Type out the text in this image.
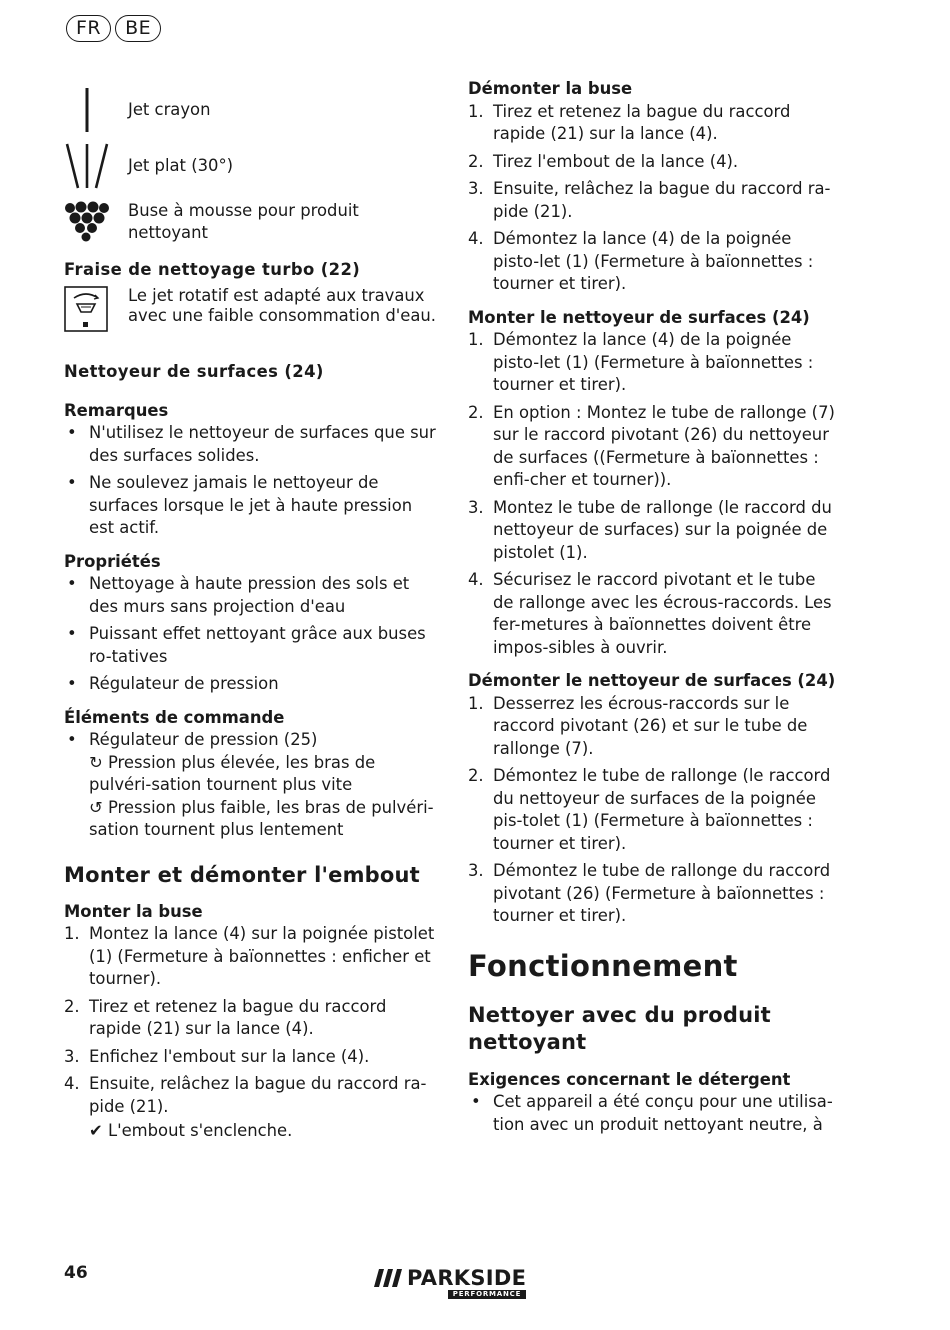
FR	BE
Jet crayon
Jet plat (30°)
Buse à mousse pour produit nettoyant

Fraise de nettoyage turbo (22)

Le jet rotatif est adapté aux travaux

avec une faible consommation d'eau.

Nettoyeur de surfaces (24)

Remarques

• N'utilisez le nettoyeur de surfaces que sur des surfaces solides.
• Ne soulevez jamais le nettoyeur de surfaces lorsque le jet à haute pression est actif.

Propriétés

• Nettoyage à haute pression des sols et des murs sans projection d'eau
• Puissant effet nettoyant grâce aux buses ro-tatives
• Régulateur de pression

Éléments de commande

• Régulateur de pression (25)
↻ Pression plus élevée, les bras de pulvéri-sation tournent plus vite
↺ Pression plus faible, les bras de pulvéri-sation tournent plus lentement

Monter et démonter l'embout

Monter la buse

1. Montez la lance (4) sur la poignée pistolet (1) (Fermeture à baïonnettes : enficher et tourner).
2. Tirez et retenez la bague du raccord rapide (21) sur la lance (4).
3. Enfichez l'embout sur la lance (4).
4. Ensuite, relâchez la bague du raccord ra-pide (21).
✔ L'embout s'enclenche.

Démonter la buse

1. Tirez et retenez la bague du raccord rapide (21) sur la lance (4).
2. Tirez l'embout de la lance (4).
3. Ensuite, relâchez la bague du raccord ra-pide (21).
4. Démontez la lance (4) de la poignée pisto-let (1) (Fermeture à baïonnettes : tourner et tirer).

Monter le nettoyeur de surfaces (24)

1. Démontez la lance (4) de la poignée pisto-let (1) (Fermeture à baïonnettes : tourner et tirer).
2. En option : Montez le tube de rallonge (7) sur le raccord pivotant (26) du nettoyeur de surfaces ((Fermeture à baïonnettes : enfi-cher et tourner)).
3. Montez le tube de rallonge (le raccord du nettoyeur de surfaces) sur la poignée de pistolet (1).
4. Sécurisez le raccord pivotant et le tube de rallonge avec les écrous-raccords. Les fer-metures à baïonnettes doivent être impos-sibles à ouvrir.

Démonter le nettoyeur de surfaces (24)

1. Desserrez les écrous-raccords sur le raccord pivotant (26) et sur le tube de rallonge (7).
2. Démontez le tube de rallonge (le raccord du nettoyeur de surfaces de la poignée pis-tolet (1) (Fermeture à baïonnettes : tourner et tirer).
3. Démontez le tube de rallonge du raccord pivotant (26) (Fermeture à baïonnettes : tourner et tirer).

Fonctionnement

Nettoyer avec du produit nettoyant

Exigences concernant le détergent

• Cet appareil a été conçu pour une utilisa-tion avec un produit nettoyant neutre, à
46	PARKSIDE
PERFORMANCE
